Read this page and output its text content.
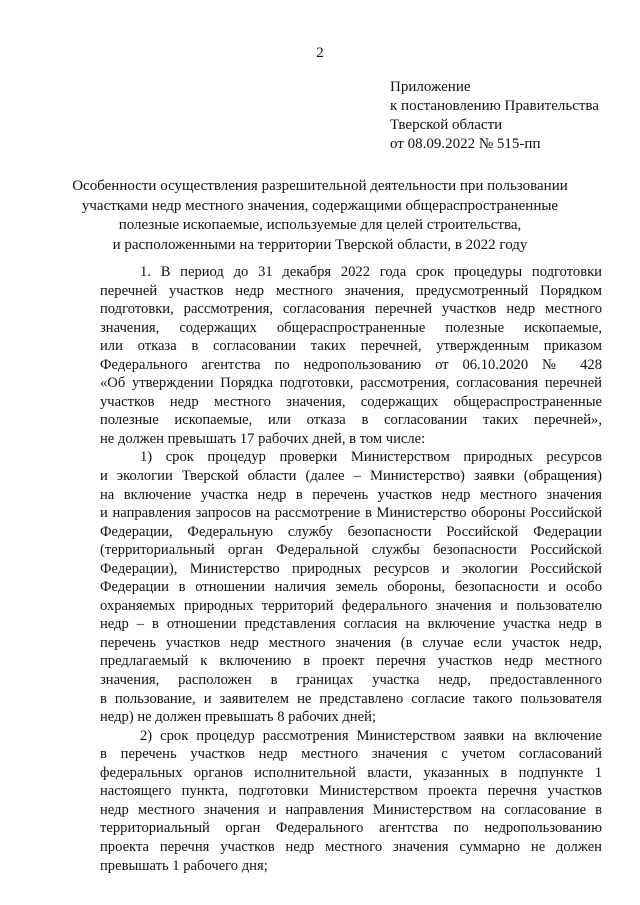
2
Приложение
к постановлению Правительства
Тверской области
от 08.09.2022 № 515-пп
Особенности осуществления разрешительной деятельности при пользовании
участками недр местного значения, содержащими общераспространенные
полезные ископаемые, используемые для целей строительства,
и расположенными на территории Тверской области, в 2022 году
1. В период до 31 декабря 2022 года срок процедуры подготовки
перечней участков недр местного значения, предусмотренный Порядком
подготовки, рассмотрения, согласования перечней участков недр местного
значения, содержащих общераспространенные полезные ископаемые,
или отказа в согласовании таких перечней, утвержденным приказом
Федерального агентства по недропользованию от 06.10.2020 № 428
«Об утверждении Порядка подготовки, рассмотрения, согласования перечней
участков недр местного значения, содержащих общераспространенные
полезные ископаемые, или отказа в согласовании таких перечней»,
не должен превышать 17 рабочих дней, в том числе:
1) срок процедур проверки Министерством природных ресурсов
и экологии Тверской области (далее – Министерство) заявки (обращения)
на включение участка недр в перечень участков недр местного значения
и направления запросов на рассмотрение в Министерство обороны Российской
Федерации, Федеральную службу безопасности Российской Федерации
(территориальный орган Федеральной службы безопасности Российской
Федерации), Министерство природных ресурсов и экологии Российской
Федерации в отношении наличия земель обороны, безопасности и особо
охраняемых природных территорий федерального значения и пользователю
недр – в отношении представления согласия на включение участка недр в
перечень участков недр местного значения (в случае если участок недр,
предлагаемый к включению в проект перечня участков недр местного
значения, расположен в границах участка недр, предоставленного
в пользование, и заявителем не представлено согласие такого пользователя
недр) не должен превышать 8 рабочих дней;
2) срок процедур рассмотрения Министерством заявки на включение
в перечень участков недр местного значения с учетом согласований
федеральных органов исполнительной власти, указанных в подпункте 1
настоящего пункта, подготовки Министерством проекта перечня участков
недр местного значения и направления Министерством на согласование в
территориальный орган Федерального агентства по недропользованию
проекта перечня участков недр местного значения суммарно не должен
превышать 1 рабочего дня;
